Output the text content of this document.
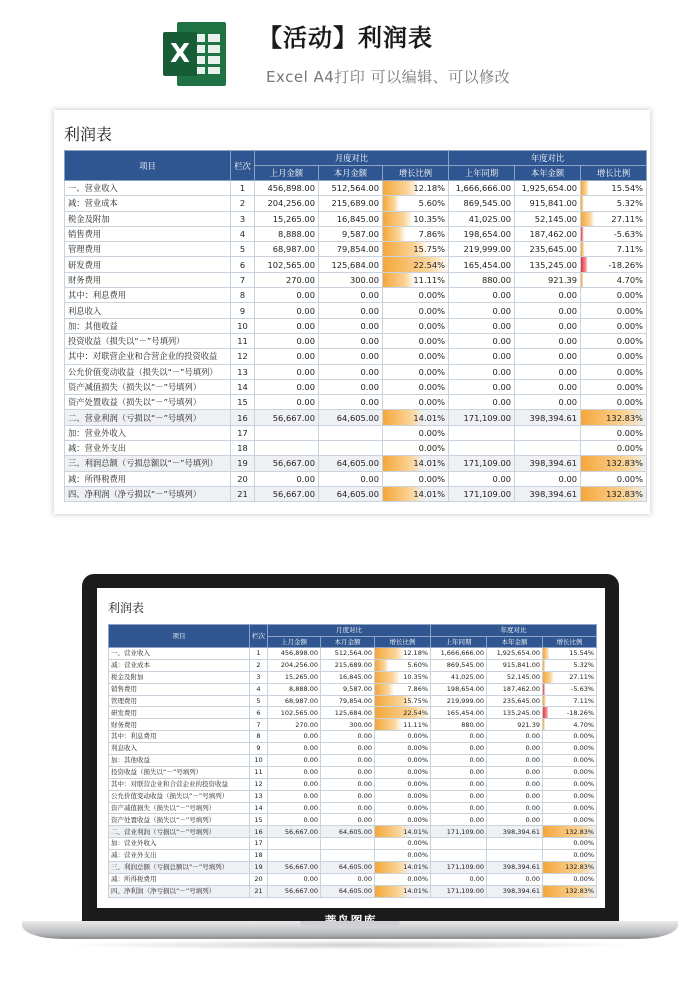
X
【活动】利润表
Excel A4打印 可以编辑、可以修改
利润表
项目	栏次	月度对比			年度对比		
		上月金额	本月金额	增长比例	上年同期	本年金额	增长比例
一、营业收入	1	456,898.00	512,564.00	12.18%	1,666,666.00	1,925,654.00	15.54%
减：营业成本	2	204,256.00	215,689.00	5.60%	869,545.00	915,841.00	5.32%
税金及附加	3	15,265.00	16,845.00	10.35%	41,025.00	52,145.00	27.11%
销售费用	4	8,888.00	9,587.00	7.86%	198,654.00	187,462.00	-5.63%
管理费用	5	68,987.00	79,854.00	15.75%	219,999.00	235,645.00	7.11%
研发费用	6	102,565.00	125,684.00	22.54%	165,454.00	135,245.00	-18.26%
财务费用	7	270.00	300.00	11.11%	880.00	921.39	4.70%
其中：利息费用	8	0.00	0.00	0.00%	0.00	0.00	0.00%
利息收入	9	0.00	0.00	0.00%	0.00	0.00	0.00%
加：其他收益	10	0.00	0.00	0.00%	0.00	0.00	0.00%
投资收益（损失以“－”号填列）	11	0.00	0.00	0.00%	0.00	0.00	0.00%
其中：对联营企业和合营企业的投资收益	12	0.00	0.00	0.00%	0.00	0.00	0.00%
公允价值变动收益（损失以“－”号填列）	13	0.00	0.00	0.00%	0.00	0.00	0.00%
资产减值损失（损失以“－”号填列）	14	0.00	0.00	0.00%	0.00	0.00	0.00%
资产处置收益（损失以“－”号填列）	15	0.00	0.00	0.00%	0.00	0.00	0.00%
二、营业利润（亏损以“－”号填列）	16	56,667.00	64,605.00	14.01%	171,109.00	398,394.61	132.83%
加：营业外收入	17			0.00%			0.00%
减：营业外支出	18			0.00%			0.00%
三、利润总额（亏损总额以“－”号填列）	19	56,667.00	64,605.00	14.01%	171,109.00	398,394.61	132.83%
减：所得税费用	20	0.00	0.00	0.00%	0.00	0.00	0.00%
四、净利润（净亏损以“－”号填列）	21	56,667.00	64,605.00	14.01%	171,109.00	398,394.61	132.83%
利润表
项目	栏次	月度对比			年度对比		
		上月金额	本月金额	增长比例	上年同期	本年金额	增长比例
一、营业收入	1	456,898.00	512,564.00	12.18%	1,666,666.00	1,925,654.00	15.54%
减：营业成本	2	204,256.00	215,689.00	5.60%	869,545.00	915,841.00	5.32%
税金及附加	3	15,265.00	16,845.00	10.35%	41,025.00	52,145.00	27.11%
销售费用	4	8,888.00	9,587.00	7.86%	198,654.00	187,462.00	-5.63%
管理费用	5	68,987.00	79,854.00	15.75%	219,999.00	235,645.00	7.11%
研发费用	6	102,565.00	125,684.00	22.54%	165,454.00	135,245.00	-18.26%
财务费用	7	270.00	300.00	11.11%	880.00	921.39	4.70%
其中：利息费用	8	0.00	0.00	0.00%	0.00	0.00	0.00%
利息收入	9	0.00	0.00	0.00%	0.00	0.00	0.00%
加：其他收益	10	0.00	0.00	0.00%	0.00	0.00	0.00%
投资收益（损失以“－”号填列）	11	0.00	0.00	0.00%	0.00	0.00	0.00%
其中：对联营企业和合营企业的投资收益	12	0.00	0.00	0.00%	0.00	0.00	0.00%
公允价值变动收益（损失以“－”号填列）	13	0.00	0.00	0.00%	0.00	0.00	0.00%
资产减值损失（损失以“－”号填列）	14	0.00	0.00	0.00%	0.00	0.00	0.00%
资产处置收益（损失以“－”号填列）	15	0.00	0.00	0.00%	0.00	0.00	0.00%
二、营业利润（亏损以“－”号填列）	16	56,667.00	64,605.00	14.01%	171,109.00	398,394.61	132.83%
加：营业外收入	17			0.00%			0.00%
减：营业外支出	18			0.00%			0.00%
三、利润总额（亏损总额以“－”号填列）	19	56,667.00	64,605.00	14.01%	171,109.00	398,394.61	132.83%
减：所得税费用	20	0.00	0.00	0.00%	0.00	0.00	0.00%
四、净利润（净亏损以“－”号填列）	21	56,667.00	64,605.00	14.01%	171,109.00	398,394.61	132.83%
